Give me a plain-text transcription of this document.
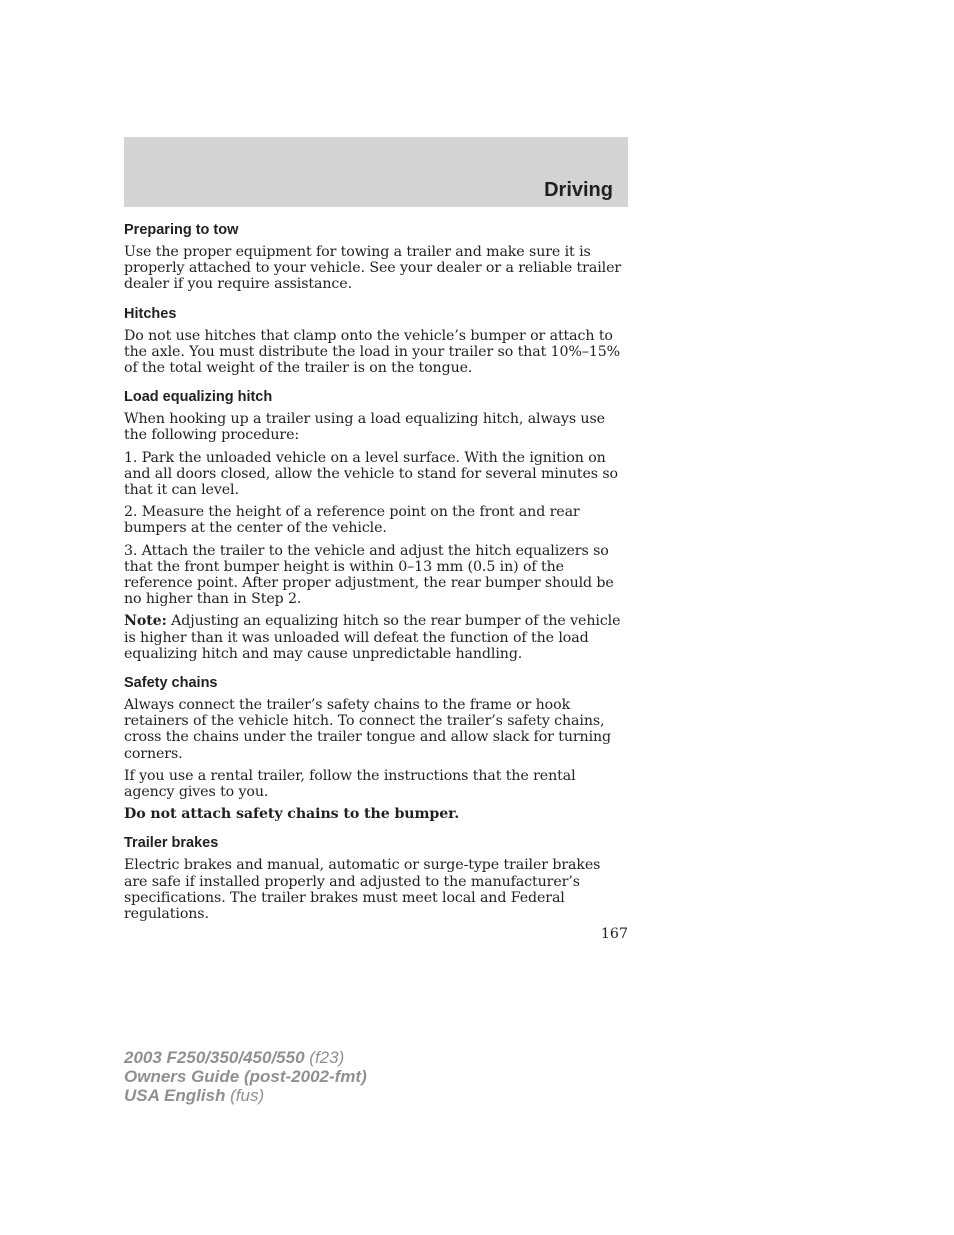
Driving
Preparing to tow

Use the proper equipment for towing a trailer and make sure it is properly attached to your vehicle. See your dealer or a reliable trailer dealer if you require assistance.

Hitches

Do not use hitches that clamp onto the vehicle’s bumper or attach to the axle. You must distribute the load in your trailer so that 10%–15% of the total weight of the trailer is on the tongue.

Load equalizing hitch

When hooking up a trailer using a load equalizing hitch, always use the following procedure:

1. Park the unloaded vehicle on a level surface. With the ignition on and all doors closed, allow the vehicle to stand for several minutes so that it can level.

2. Measure the height of a reference point on the front and rear bumpers at the center of the vehicle.

3. Attach the trailer to the vehicle and adjust the hitch equalizers so that the front bumper height is within 0–13 mm (0.5 in) of the reference point. After proper adjustment, the rear bumper should be no higher than in Step 2.

Note: Adjusting an equalizing hitch so the rear bumper of the vehicle is higher than it was unloaded will defeat the function of the load equalizing hitch and may cause unpredictable handling.

Safety chains

Always connect the trailer’s safety chains to the frame or hook retainers of the vehicle hitch. To connect the trailer’s safety chains, cross the chains under the trailer tongue and allow slack for turning corners.

If you use a rental trailer, follow the instructions that the rental agency gives to you.

Do not attach safety chains to the bumper.

Trailer brakes

Electric brakes and manual, automatic or surge-type trailer brakes are safe if installed properly and adjusted to the manufacturer’s specifications. The trailer brakes must meet local and Federal regulations.

167
2003 F250/350/450/550 (f23)
Owners Guide (post-2002-fmt)
USA English (fus)
